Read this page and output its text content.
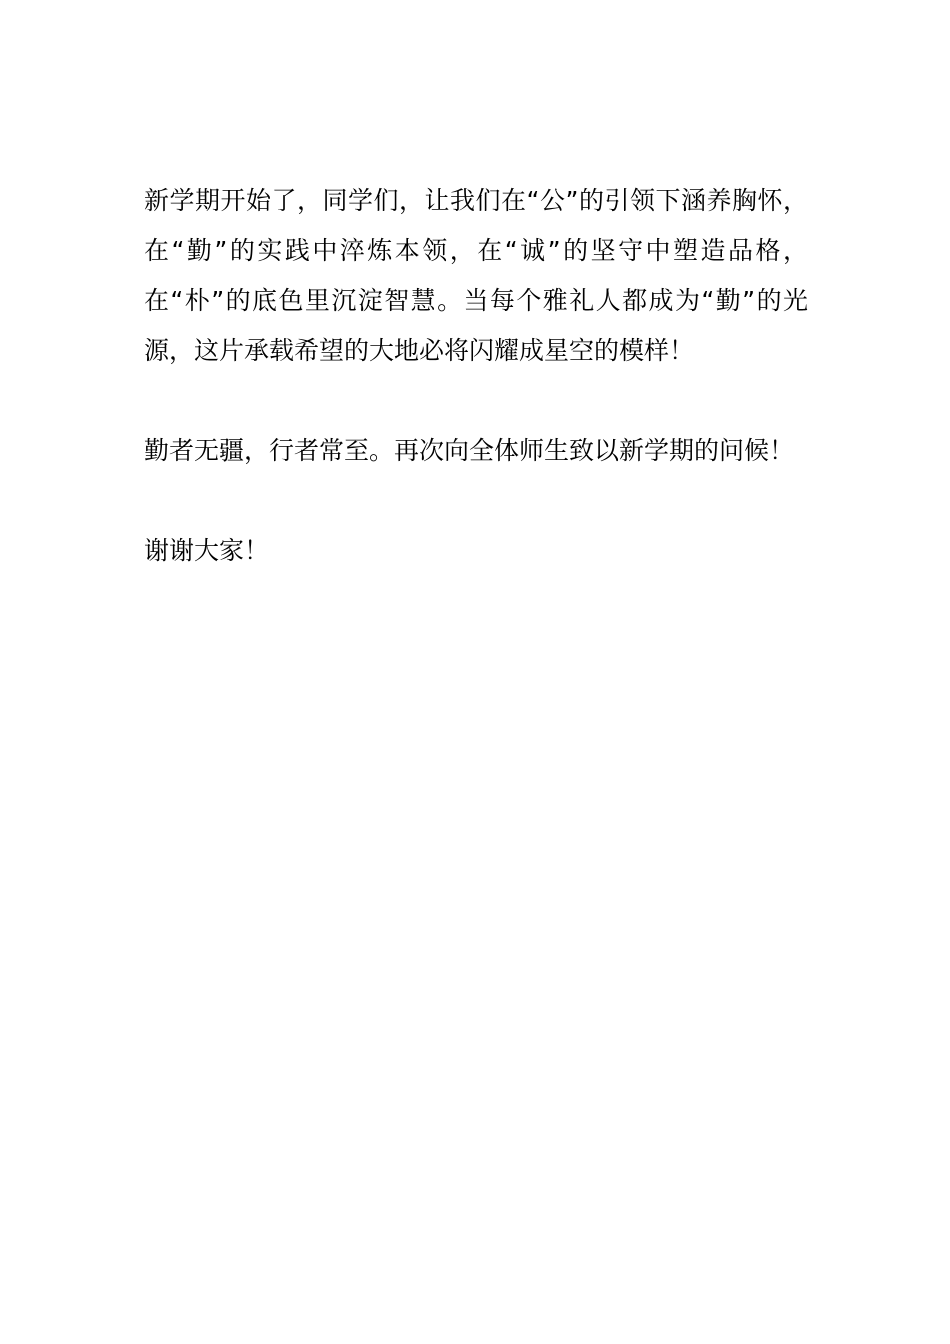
新学期开始了，同学们，让我们在“公”的引领下涵养胸怀，在“勤”的实践中淬炼本领，在“诚”的坚守中塑造品格，在“朴”的底色里沉淀智慧。当每个雅礼人都成为“勤”的光源，这片承载希望的大地必将闪耀成星空的模样！

勤者无疆，行者常至。再次向全体师生致以新学期的问候！

谢谢大家！
